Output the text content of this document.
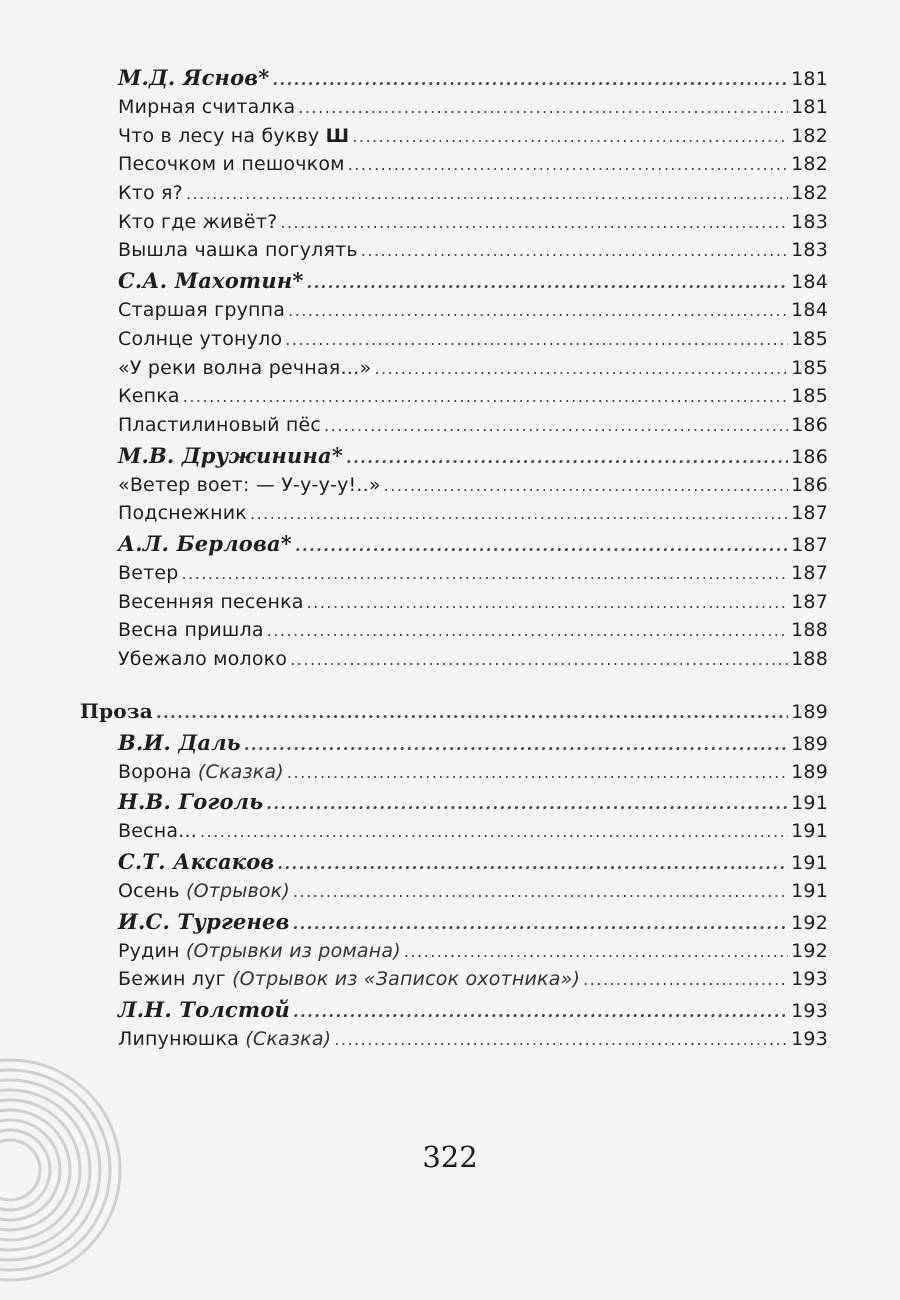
М.Д. Яснов* .....	181
Мирная считалка .....	181
Что в лесу на букву Ш .....	182
Песочком и пешочком .....	182
Кто я? .....	182
Кто где живёт? .....	183
Вышла чашка погулять .....	183
С.А. Махотин* .....	184
Старшая группа .....	184
Солнце утонуло .....	185
«У реки волна речная…» .....	185
Кепка .....	185
Пластилиновый пёс .....	186
М.В. Дружинина* .....	186
«Ветер воет: — У-у-у-у!..» .....	186
Подснежник .....	187
А.Л. Берлова* .....	187
Ветер .....	187
Весенняя песенка .....	187
Весна пришла .....	188
Убежало молоко .....	188
Проза .....	189
В.И. Даль .....	189
Ворона (Сказка) .....	189
Н.В. Гоголь .....	191
Весна... .....	191
С.Т. Аксаков .....	191
Осень (Отрывок) .....	191
И.С. Тургенев .....	192
Рудин (Отрывки из романа) .....	192
Бежин луг (Отрывок из «Записок охотника») .....	193
Л.Н. Толстой .....	193
Липунюшка (Сказка) .....	193
322
